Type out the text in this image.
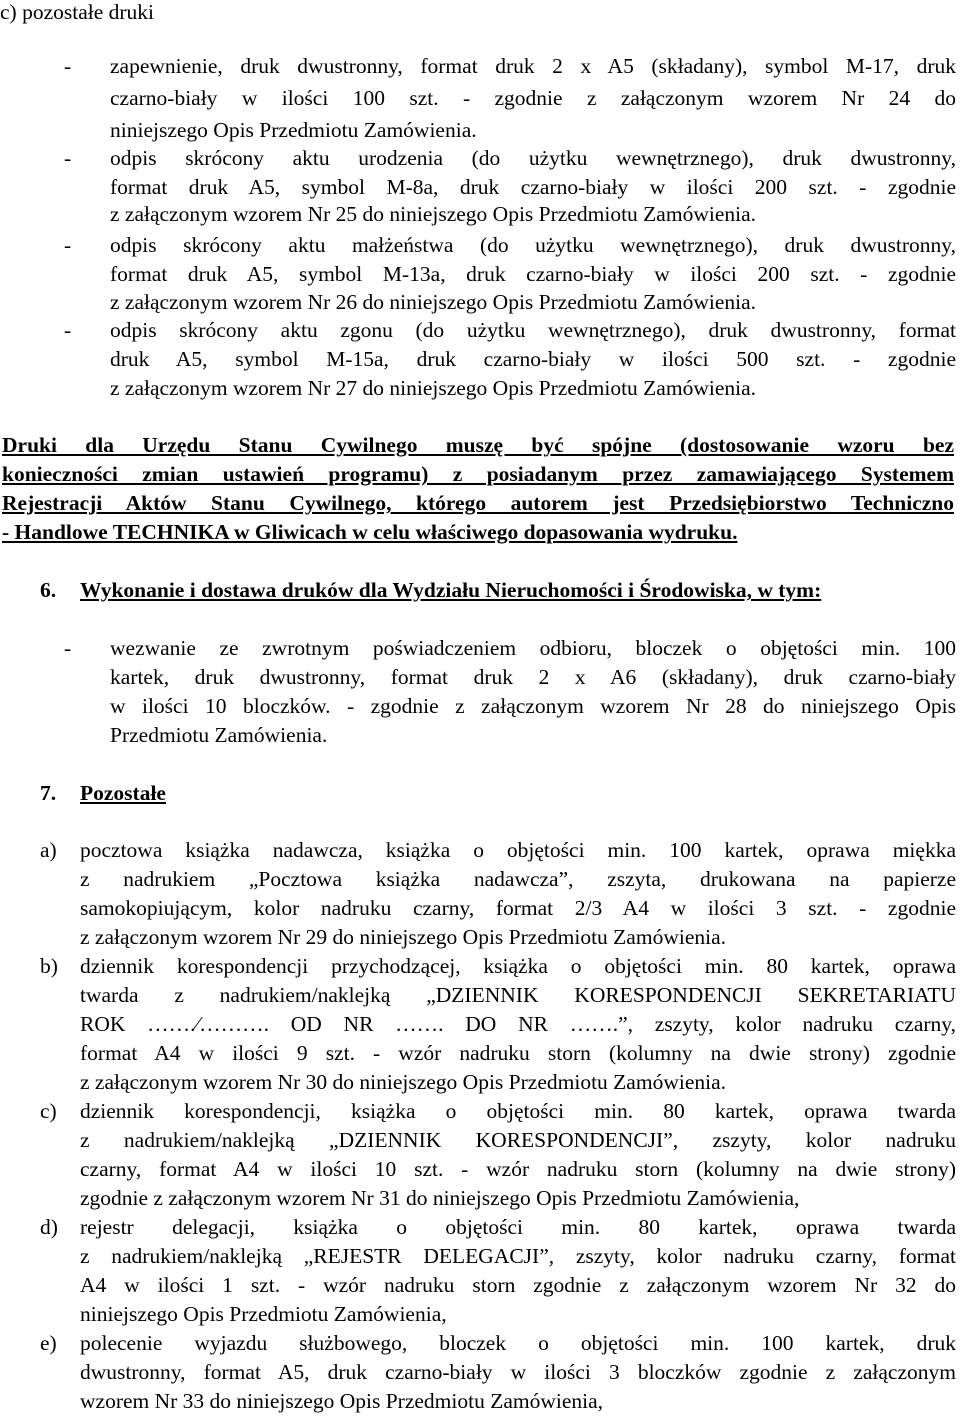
c) pozostałe druki
- zapewnienie, druk dwustronny, format druk 2 x A5 (składany), symbol M-17, druk
czarno-biały w ilości 100 szt. - zgodnie z załączonym wzorem Nr 24 do
niniejszego Opis Przedmiotu Zamówienia.
- odpis skrócony aktu urodzenia (do użytku wewnętrznego), druk dwustronny,
format druk A5, symbol M-8a, druk czarno-biały w ilości 200 szt. - zgodnie
z załączonym wzorem Nr 25 do niniejszego Opis Przedmiotu Zamówienia.
- odpis skrócony aktu małżeństwa (do użytku wewnętrznego), druk dwustronny,
format druk A5, symbol M-13a, druk czarno-biały w ilości 200 szt. - zgodnie
z załączonym wzorem Nr 26 do niniejszego Opis Przedmiotu Zamówienia.
- odpis skrócony aktu zgonu (do użytku wewnętrznego), druk dwustronny, format
druk A5, symbol M-15a, druk czarno-biały w ilości 500 szt. - zgodnie
z załączonym wzorem Nr 27 do niniejszego Opis Przedmiotu Zamówienia.
Druki dla Urzędu Stanu Cywilnego muszę być spójne (dostosowanie wzoru bez
konieczności zmian ustawień programu) z posiadanym przez zamawiającego Systemem
Rejestracji Aktów Stanu Cywilnego, którego autorem jest Przedsiębiorstwo Techniczno
- Handlowe TECHNIKA w Gliwicach w celu właściwego dopasowania wydruku.
6. Wykonanie i dostawa druków dla Wydziału Nieruchomości i Środowiska, w tym:
- wezwanie ze zwrotnym poświadczeniem odbioru, bloczek o objętości min. 100
kartek, druk dwustronny, format druk 2 x A6 (składany), druk czarno-biały
w ilości 10 bloczków. - zgodnie z załączonym wzorem Nr 28 do niniejszego Opis
Przedmiotu Zamówienia.
7. Pozostałe
a) pocztowa książka nadawcza, książka o objętości min. 100 kartek, oprawa miękka
z nadrukiem „Pocztowa książka nadawcza”, zszyta, drukowana na papierze
samokopiującym, kolor nadruku czarny, format 2/3 A4 w ilości 3 szt. - zgodnie
z załączonym wzorem Nr 29 do niniejszego Opis Przedmiotu Zamówienia.
b) dziennik korespondencji przychodzącej, książka o objętości min. 80 kartek, oprawa
twarda z nadrukiem/naklejką „DZIENNIK KORESPONDENCJI SEKRETARIATU
ROK …….⁄………. OD NR ……. DO NR …….”, zszyty, kolor nadruku czarny,
format A4 w ilości 9 szt. - wzór nadruku storn (kolumny na dwie strony) zgodnie
z załączonym wzorem Nr 30 do niniejszego Opis Przedmiotu Zamówienia.
c) dziennik korespondencji, książka o objętości min. 80 kartek, oprawa twarda
z nadrukiem/naklejką „DZIENNIK KORESPONDENCJI”, zszyty, kolor nadruku
czarny, format A4 w ilości 10 szt. - wzór nadruku storn (kolumny na dwie strony)
zgodnie z załączonym wzorem Nr 31 do niniejszego Opis Przedmiotu Zamówienia,
d) rejestr delegacji, książka o objętości min. 80 kartek, oprawa twarda
z nadrukiem/naklejką „REJESTR DELEGACJI”, zszyty, kolor nadruku czarny, format
A4 w ilości 1 szt. - wzór nadruku storn zgodnie z załączonym wzorem Nr 32 do
niniejszego Opis Przedmiotu Zamówienia,
e) polecenie wyjazdu służbowego, bloczek o objętości min. 100 kartek, druk
dwustronny, format A5, druk czarno-biały w ilości 3 bloczków zgodnie z załączonym
wzorem Nr 33 do niniejszego Opis Przedmiotu Zamówienia,
